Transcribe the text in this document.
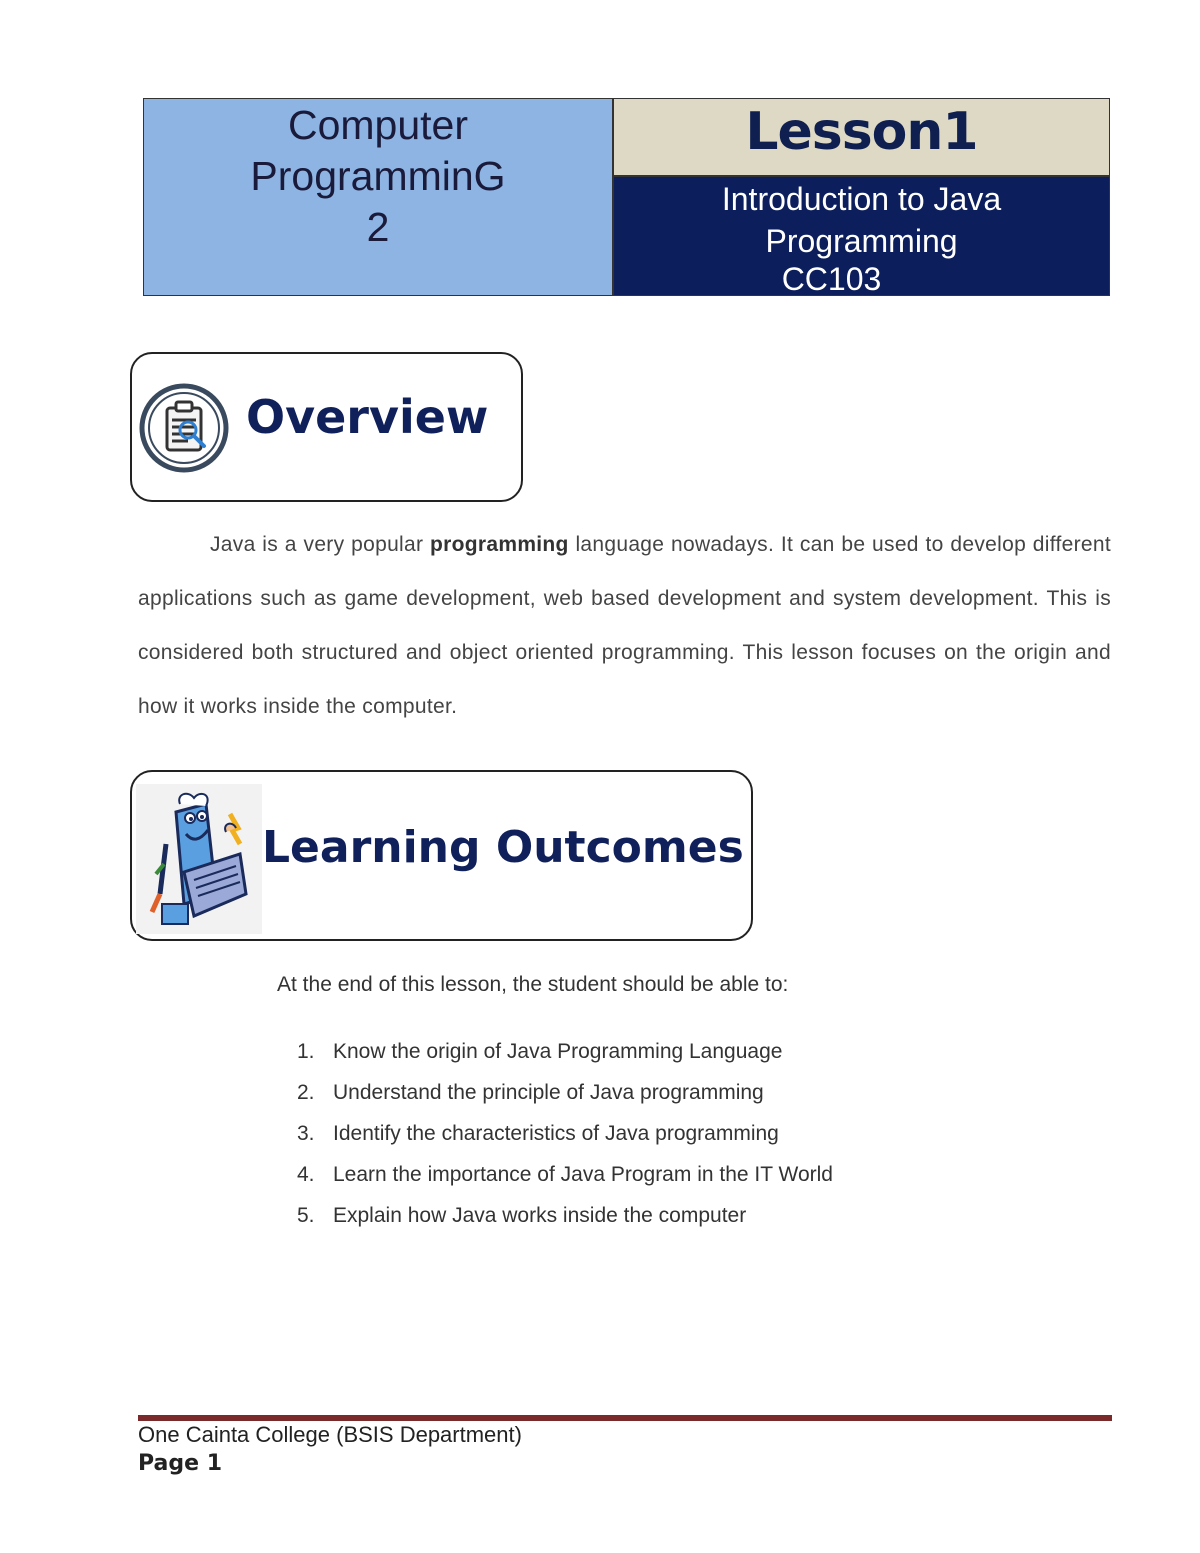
Computer
ProgramminG
2
Lesson1
Introduction to Java
Programming
CC103
Overview
Java is a very popular programming language nowadays. It can be used to develop different applications such as game development, web based development and system development. This is considered both structured and object oriented programming. This lesson focuses on the origin and how it works inside the computer.
Learning Outcomes
At the end of this lesson, the student should be able to:
1. Know the origin of Java Programming Language
2. Understand the principle of Java programming
3. Identify the characteristics of Java programming
4. Learn the importance of Java Program in the IT World
5. Explain how Java works inside the computer
One Cainta College (BSIS Department)
Page 1
